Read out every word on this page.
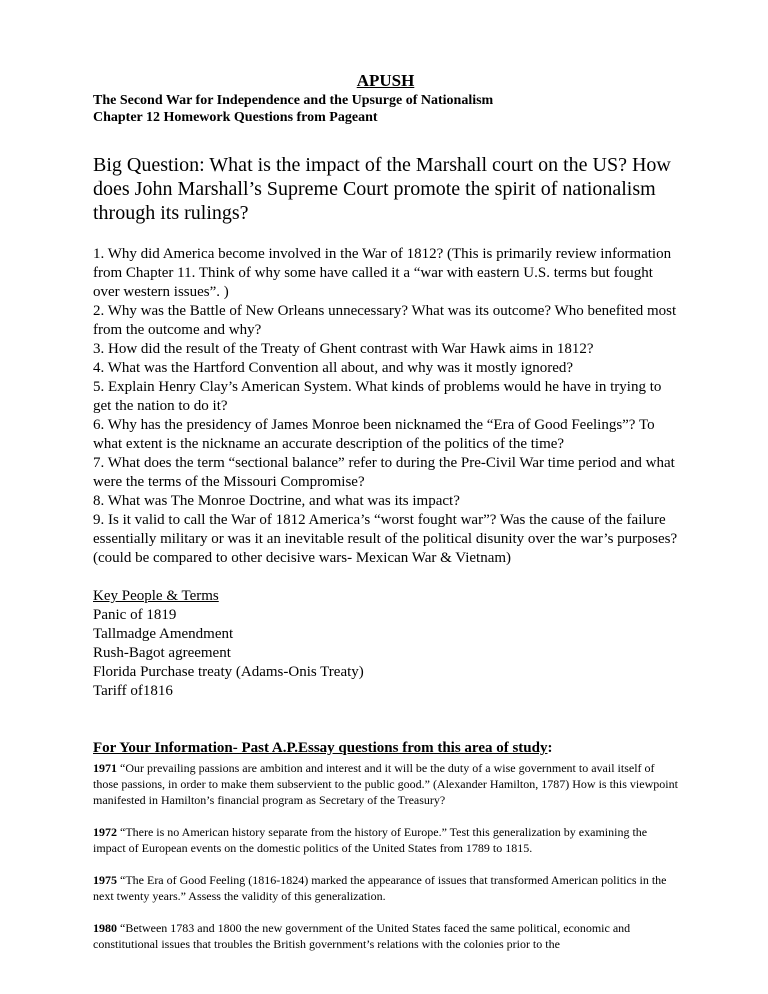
APUSH

The Second War for Independence and the Upsurge of Nationalism

Chapter 12 Homework Questions from Pageant

Big Question: What is the impact of the Marshall court on the US? How does John Marshall’s Supreme Court promote the spirit of nationalism through its rulings?

1. Why did America become involved in the War of 1812? (This is primarily review information from Chapter 11. Think of why some have called it a “war with eastern U.S. terms but fought over western issues”. )
2. Why was the Battle of New Orleans unnecessary? What was its outcome? Who benefited most from the outcome and why?
3. How did the result of the Treaty of Ghent contrast with War Hawk aims in 1812?
4. What was the Hartford Convention all about, and why was it mostly ignored?
5. Explain Henry Clay’s American System. What kinds of problems would he have in trying to get the nation to do it?
6. Why has the presidency of James Monroe been nicknamed the “Era of Good Feelings”? To what extent is the nickname an accurate description of the politics of the time?
7. What does the term “sectional balance” refer to during the Pre-Civil War time period and what were the terms of the Missouri Compromise?
8. What was The Monroe Doctrine, and what was its impact?
9. Is it valid to call the War of 1812 America’s “worst fought war”? Was the cause of the failure essentially military or was it an inevitable result of the political disunity over the war’s purposes? (could be compared to other decisive wars- Mexican War & Vietnam)

Key People & Terms

Panic of 1819
Tallmadge Amendment
Rush-Bagot agreement
Florida Purchase treaty (Adams-Onis Treaty)
Tariff of1816

For Your Information- Past A.P.Essay questions from this area of study:

1971 “Our prevailing passions are ambition and interest and it will be the duty of a wise government to avail itself of those passions, in order to make them subservient to the public good.” (Alexander Hamilton, 1787) How is this viewpoint manifested in Hamilton’s financial program as Secretary of the Treasury?

1972 “There is no American history separate from the history of Europe.” Test this generalization by examining the impact of European events on the domestic politics of the United States from 1789 to 1815.

1975 “The Era of Good Feeling (1816-1824) marked the appearance of issues that transformed American politics in the next twenty years.” Assess the validity of this generalization.

1980 “Between 1783 and 1800 the new government of the United States faced the same political, economic and constitutional issues that troubles the British government’s relations with the colonies prior to the
